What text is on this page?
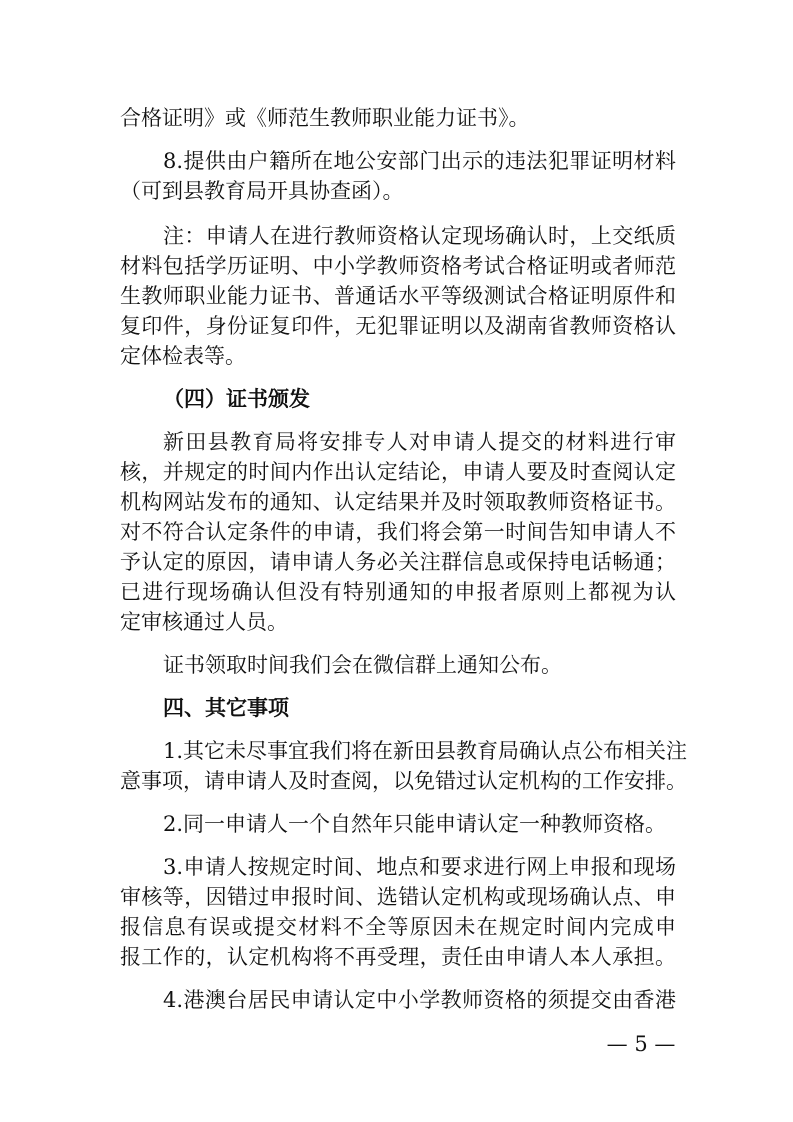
合格证明》或《师范生教师职业能力证书》。
8.提供由户籍所在地公安部门出示的违法犯罪证明材料
（可到县教育局开具协查函）。
注：申请人在进行教师资格认定现场确认时，上交纸质
材料包括学历证明、中小学教师资格考试合格证明或者师范
生教师职业能力证书、普通话水平等级测试合格证明原件和
复印件，身份证复印件，无犯罪证明以及湖南省教师资格认
定体检表等。
（四）证书颁发
新田县教育局将安排专人对申请人提交的材料进行审
核，并规定的时间内作出认定结论，申请人要及时查阅认定
机构网站发布的通知、认定结果并及时领取教师资格证书。
对不符合认定条件的申请，我们将会第一时间告知申请人不
予认定的原因，请申请人务必关注群信息或保持电话畅通；
已进行现场确认但没有特别通知的申报者原则上都视为认
定审核通过人员。
证书领取时间我们会在微信群上通知公布。
四、其它事项
1.其它未尽事宜我们将在新田县教育局确认点公布相关注
意事项，请申请人及时查阅，以免错过认定机构的工作安排。
2.同一申请人一个自然年只能申请认定一种教师资格。
3.申请人按规定时间、地点和要求进行网上申报和现场
审核等，因错过申报时间、选错认定机构或现场确认点、申
报信息有误或提交材料不全等原因未在规定时间内完成申
报工作的，认定机构将不再受理，责任由申请人本人承担。
4.港澳台居民申请认定中小学教师资格的须提交由香港
— 5 —
